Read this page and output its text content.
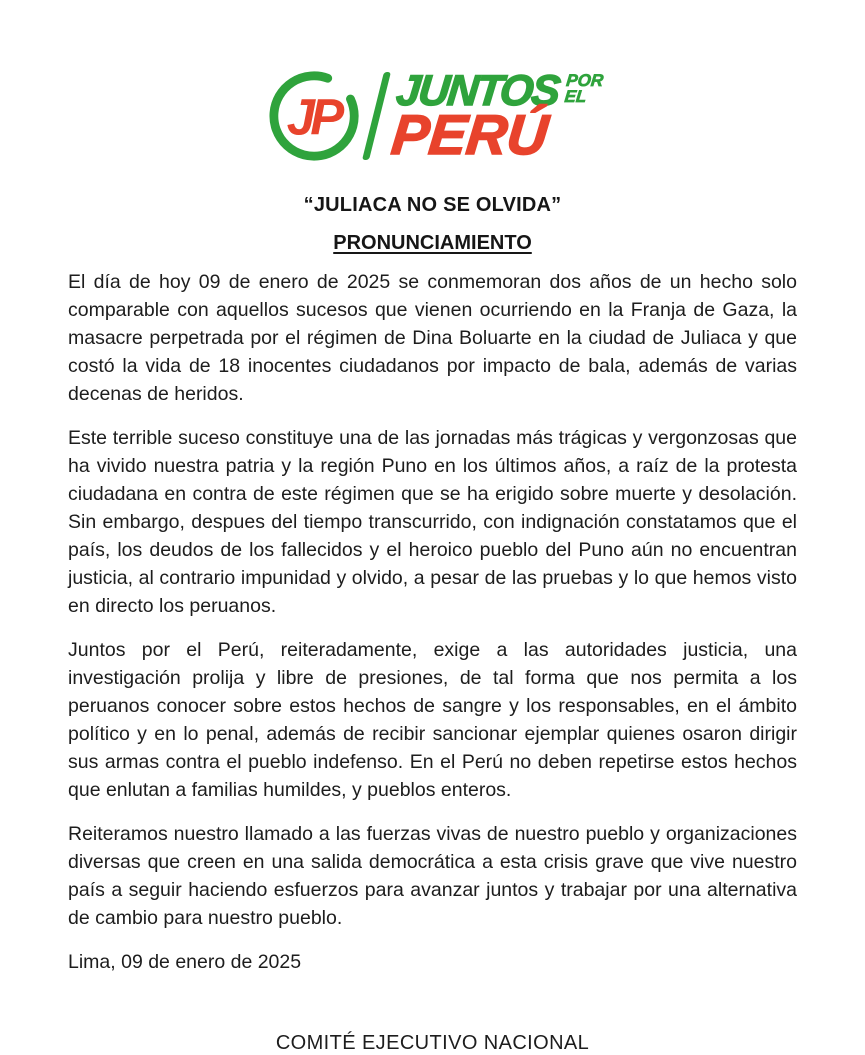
JP JUNTOS POR
EL
PERÚ
“JULIACA NO SE OLVIDA”
PRONUNCIAMIENTO

El día de hoy 09 de enero de 2025 se conmemoran dos años de un hecho solo comparable con aquellos sucesos que vienen ocurriendo en la Franja de Gaza, la masacre perpetrada por el régimen de Dina Boluarte en la ciudad de Juliaca y que costó la vida de 18 inocentes ciudadanos por impacto de bala, además de varias decenas de heridos.

Este terrible suceso constituye una de las jornadas más trágicas y vergonzosas que ha vivido nuestra patria y la región Puno en los últimos años, a raíz de la protesta ciudadana en contra de este régimen que se ha erigido sobre muerte y desolación. Sin embargo, despues del tiempo transcurrido, con indignación constatamos que el país, los deudos de los fallecidos y el heroico pueblo del Puno aún no encuentran justicia, al contrario impunidad y olvido, a pesar de las pruebas y lo que hemos visto en directo los peruanos.

Juntos por el Perú, reiteradamente, exige a las autoridades justicia, una investigación prolija y libre de presiones, de tal forma que nos permita a los peruanos conocer sobre estos hechos de sangre y los responsables, en el ámbito político y en lo penal, además de recibir sancionar ejemplar quienes osaron dirigir sus armas contra el pueblo indefenso. En el Perú no deben repetirse estos hechos que enlutan a familias humildes, y pueblos enteros.

Reiteramos nuestro llamado a las fuerzas vivas de nuestro pueblo y organizaciones diversas que creen en una salida democrática a esta crisis grave que vive nuestro país a seguir haciendo esfuerzos para avanzar juntos y trabajar por una alternativa de cambio para nuestro pueblo.

Lima, 09 de enero de 2025
COMITÉ EJECUTIVO NACIONAL
